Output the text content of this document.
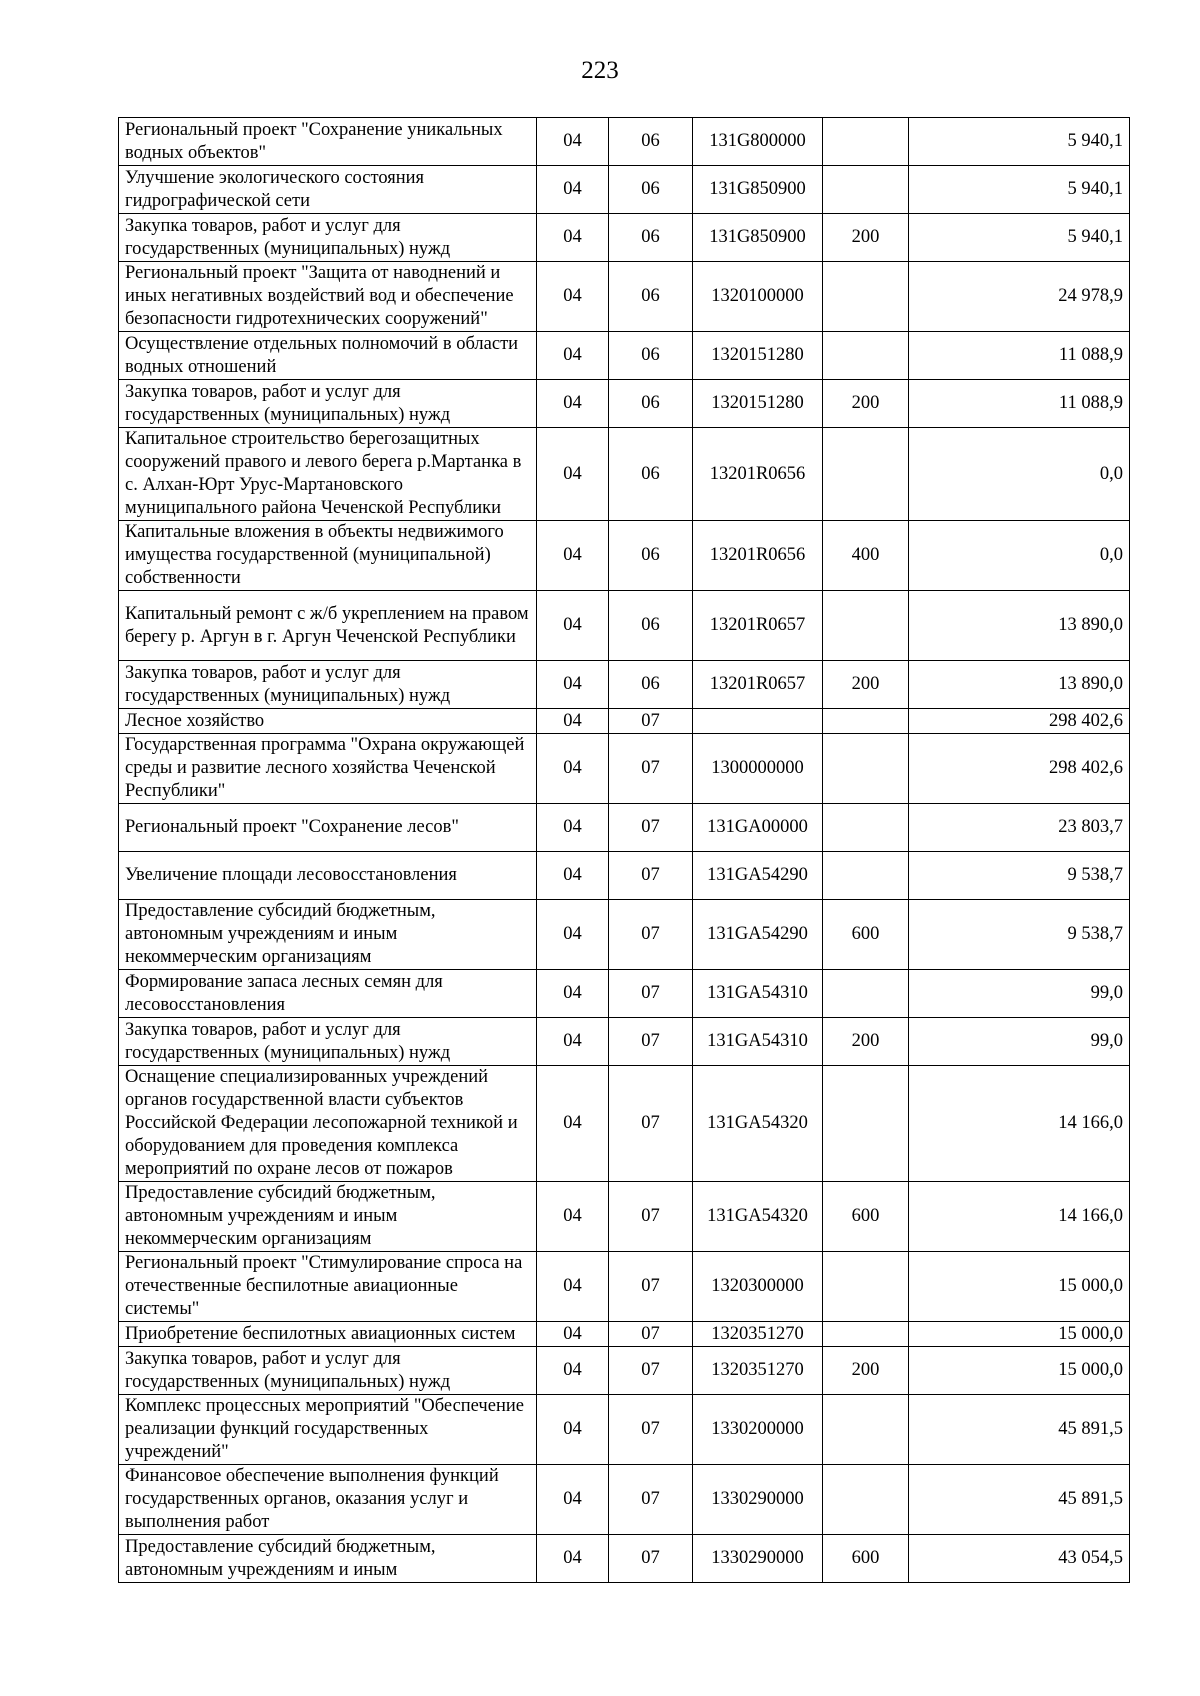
223
Региональный проект "Сохранение уникальных водных объектов"	04	06	131G800000		5 940,1
Улучшение экологического состояния гидрографической сети	04	06	131G850900		5 940,1
Закупка товаров, работ и услуг для государственных (муниципальных) нужд	04	06	131G850900	200	5 940,1
Региональный проект "Защита от наводнений и иных негативных воздействий вод и обеспечение безопасности гидротехнических сооружений"	04	06	1320100000		24 978,9
Осуществление отдельных полномочий в области водных отношений	04	06	1320151280		11 088,9
Закупка товаров, работ и услуг для государственных (муниципальных) нужд	04	06	1320151280	200	11 088,9
Капитальное строительство берегозащитных сооружений правого и левого берега р.Мартанка в с. Алхан-Юрт Урус-Мартановского муниципального района Чеченской Республики	04	06	13201R0656		0,0
Капитальные вложения в объекты недвижимого имущества государственной (муниципальной) собственности	04	06	13201R0656	400	0,0
Капитальный ремонт с ж/б укреплением на правом берегу р. Аргун в г. Аргун Чеченской Республики	04	06	13201R0657		13 890,0
Закупка товаров, работ и услуг для государственных (муниципальных) нужд	04	06	13201R0657	200	13 890,0
Лесное хозяйство	04	07			298 402,6
Государственная программа "Охрана окружающей среды и развитие лесного хозяйства Чеченской Республики"	04	07	1300000000		298 402,6
Региональный проект "Сохранение лесов"	04	07	131GA00000		23 803,7
Увеличение площади лесовосстановления	04	07	131GA54290		9 538,7
Предоставление субсидий бюджетным, автономным учреждениям и иным некоммерческим организациям	04	07	131GA54290	600	9 538,7
Формирование запаса лесных семян для лесовосстановления	04	07	131GA54310		99,0
Закупка товаров, работ и услуг для государственных (муниципальных) нужд	04	07	131GA54310	200	99,0
Оснащение специализированных учреждений органов государственной власти субъектов Российской Федерации лесопожарной техникой и оборудованием для проведения комплекса мероприятий по охране лесов от пожаров	04	07	131GA54320		14 166,0
Предоставление субсидий бюджетным, автономным учреждениям и иным некоммерческим организациям	04	07	131GA54320	600	14 166,0
Региональный проект "Стимулирование спроса на отечественные беспилотные авиационные системы"	04	07	1320300000		15 000,0
Приобретение беспилотных авиационных систем	04	07	1320351270		15 000,0
Закупка товаров, работ и услуг для государственных (муниципальных) нужд	04	07	1320351270	200	15 000,0
Комплекс процессных мероприятий "Обеспечение реализации функций государственных учреждений"	04	07	1330200000		45 891,5
Финансовое обеспечение выполнения функций государственных органов, оказания услуг и выполнения работ	04	07	1330290000		45 891,5
Предоставление субсидий бюджетным, автономным учреждениям и иным	04	07	1330290000	600	43 054,5
